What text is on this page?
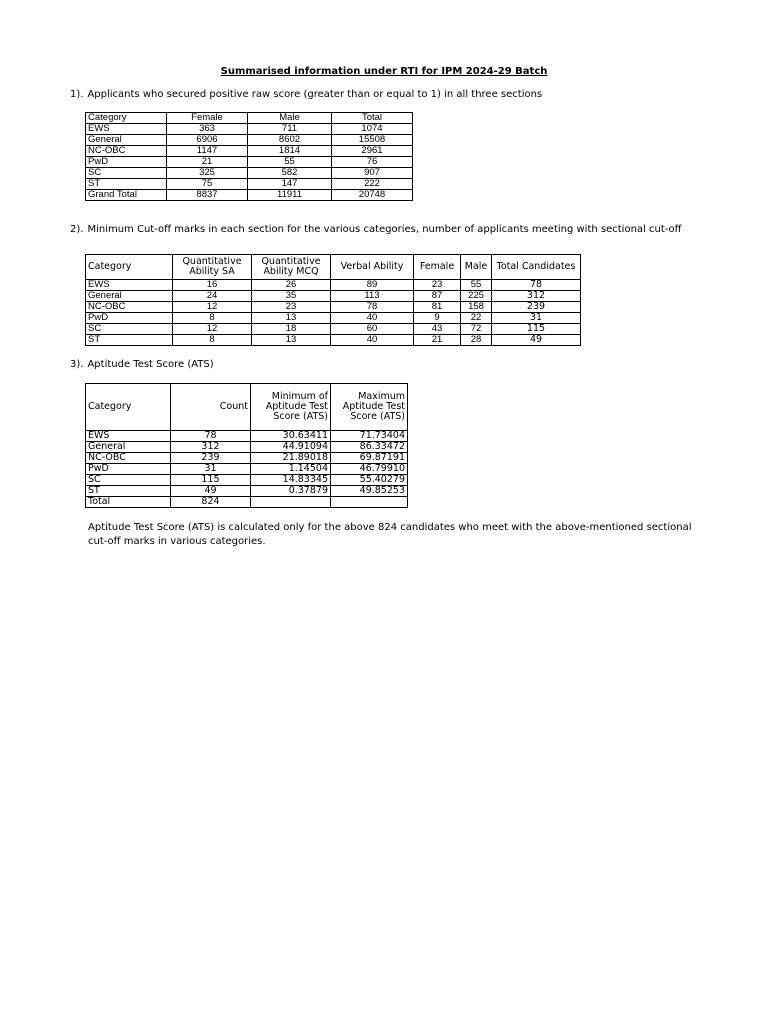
Summarised information under RTI for IPM 2024-29 Batch
1). Applicants who secured positive raw score (greater than or equal to 1) in all three sections
Category	Female	Male	Total
EWS	363	711	1074
General	6906	8602	15508
NC-OBC	1147	1814	2961
PwD	21	55	76
SC	325	582	907
ST	75	147	222
Grand Total	8837	11911	20748
2). Minimum Cut-off marks in each section for the various categories, number of applicants meeting with sectional cut-off
Category	Quantitative Ability SA	Quantitative Ability MCQ	Verbal Ability	Female	Male	Total Candidates
EWS	16	26	89	23	55	78
General	24	35	113	87	225	312
NC-OBC	12	23	78	81	158	239
PwD	8	13	40	9	22	31
SC	12	18	60	43	72	115
ST	8	13	40	21	28	49
3). Aptitude Test Score (ATS)
Category	Count	Minimum of Aptitude Test Score (ATS)	Maximum Aptitude Test Score (ATS)
EWS	78	30.63411	71.73404
General	312	44.91094	86.33472
NC-OBC	239	21.89018	69.87191
PwD	31	1.14504	46.79910
SC	115	14.83345	55.40279
ST	49	0.37879	49.85253
Total	824		
Aptitude Test Score (ATS) is calculated only for the above 824 candidates who meet with the above-mentioned sectional cut-off marks in various categories.
